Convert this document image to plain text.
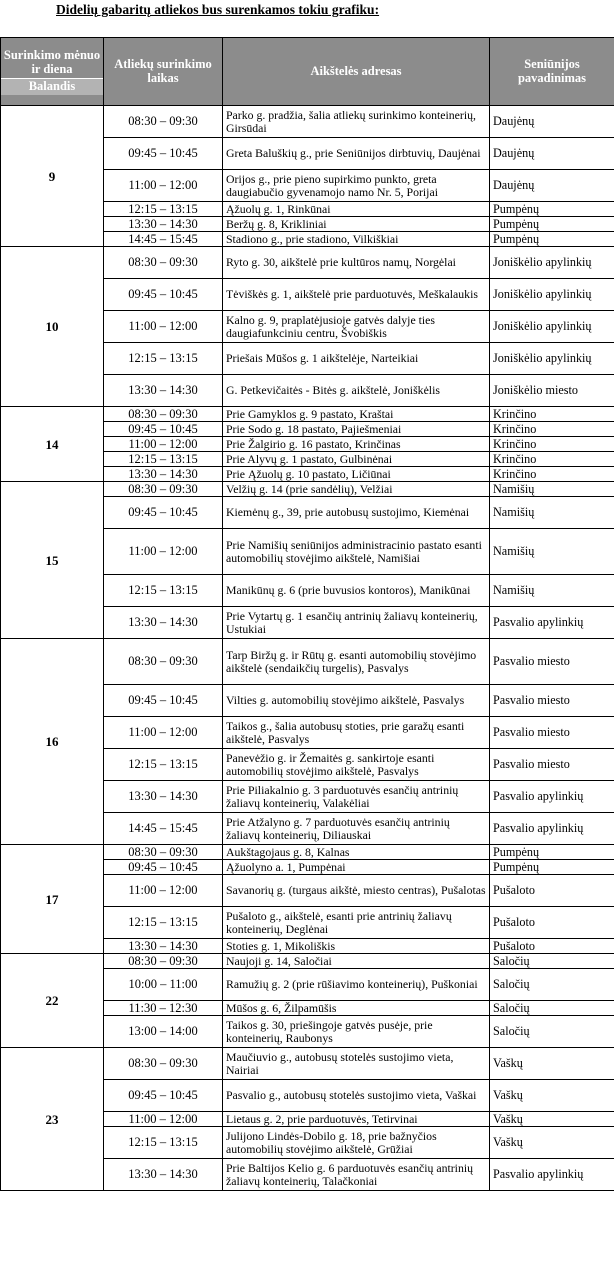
Didelių gabaritų atliekos bus surenkamos tokiu grafiku:
Surinkimo mėnuo ir diena
Balandis	Atliekų surinkimo laikas	Aikštelės adresas	Seniūnijos pavadinimas
9	08:30 – 09:30	Parko g. pradžia, šalia atliekų surinkimo konteinerių, Girsūdai	Daujėnų
	09:45 – 10:45	Greta Baluškių g., prie Seniūnijos dirbtuvių, Daujėnai	Daujėnų
	11:00 – 12:00	Orijos g., prie pieno supirkimo punkto, greta daugiabučio gyvenamojo namo Nr. 5, Porijai	Daujėnų
	12:15 – 13:15	Ąžuolų g. 1, Rinkūnai	Pumpėnų
	13:30 – 14:30	Beržų g. 8, Krikliniai	Pumpėnų
	14:45 – 15:45	Stadiono g., prie stadiono, Vilkiškiai	Pumpėnų
10	08:30 – 09:30	Ryto g. 30, aikštelė prie kultūros namų, Norgėlai	Joniškėlio apylinkių
	09:45 – 10:45	Tėviškės g. 1, aikštelė prie parduotuvės, Meškalaukis	Joniškėlio apylinkių
	11:00 – 12:00	Kalno g. 9, praplatėjusioje gatvės dalyje ties daugiafunkciniu centru, Švobiškis	Joniškėlio apylinkių
	12:15 – 13:15	Priešais Mūšos g. 1 aikštelėje, Narteikiai	Joniškėlio apylinkių
	13:30 – 14:30	G. Petkevičaitės - Bitės g. aikštelė, Joniškėlis	Joniškėlio miesto
14	08:30 – 09:30	Prie Gamyklos g. 9 pastato, Kraštai	Krinčino
	09:45 – 10:45	Prie Sodo g. 18 pastato, Pajiešmeniai	Krinčino
	11:00 – 12:00	Prie Žalgirio g. 16 pastato, Krinčinas	Krinčino
	12:15 – 13:15	Prie Alyvų g. 1 pastato, Gulbinėnai	Krinčino
	13:30 – 14:30	Prie Ąžuolų g. 10 pastato, Ličiūnai	Krinčino
15	08:30 – 09:30	Velžių g. 14 (prie sandėlių), Velžiai	Namišių
	09:45 – 10:45	Kiemėnų g., 39, prie autobusų sustojimo, Kiemėnai	Namišių
	11:00 – 12:00	Prie Namišių seniūnijos administracinio pastato esanti automobilių stovėjimo aikštelė, Namišiai	Namišių
	12:15 – 13:15	Manikūnų g. 6 (prie buvusios kontoros), Manikūnai	Namišių
	13:30 – 14:30	Prie Vytartų g. 1 esančių antrinių žaliavų konteinerių, Ustukiai	Pasvalio apylinkių
16	08:30 – 09:30	Tarp Biržų g. ir Rūtų g. esanti automobilių stovėjimo aikštelė (sendaikčių turgelis), Pasvalys	Pasvalio miesto
	09:45 – 10:45	Vilties g. automobilių stovėjimo aikštelė, Pasvalys	Pasvalio miesto
	11:00 – 12:00	Taikos g., šalia autobusų stoties, prie garažų esanti aikštelė, Pasvalys	Pasvalio miesto
	12:15 – 13:15	Panevėžio g. ir Žemaitės g. sankirtoje esanti automobilių stovėjimo aikštelė, Pasvalys	Pasvalio miesto
	13:30 – 14:30	Prie Piliakalnio g. 3 parduotuvės esančių antrinių žaliavų konteinerių, Valakėliai	Pasvalio apylinkių
	14:45 – 15:45	Prie Atžalyno g. 7 parduotuvės esančių antrinių žaliavų konteinerių, Diliauskai	Pasvalio apylinkių
17	08:30 – 09:30	Aukštagojaus g. 8, Kalnas	Pumpėnų
	09:45 – 10:45	Ąžuolyno a. 1, Pumpėnai	Pumpėnų
	11:00 – 12:00	Savanorių g. (turgaus aikštė, miesto centras), Pušalotas	Pušaloto
	12:15 – 13:15	Pušaloto g., aikštelė, esanti prie antrinių žaliavų konteinerių, Deglėnai	Pušaloto
	13:30 – 14:30	Stoties g. 1, Mikoliškis	Pušaloto
22	08:30 – 09:30	Naujoji g. 14, Saločiai	Saločių
	10:00 – 11:00	Ramužių g. 2 (prie rūšiavimo konteinerių), Puškoniai	Saločių
	11:30 – 12:30	Mūšos g. 6, Žilpamūšis	Saločių
	13:00 – 14:00	Taikos g. 30, priešingoje gatvės pusėje, prie konteinerių, Raubonys	Saločių
23	08:30 – 09:30	Maučiuvio g., autobusų stotelės sustojimo vieta, Nairiai	Vaškų
	09:45 – 10:45	Pasvalio g., autobusų stotelės sustojimo vieta, Vaškai	Vaškų
	11:00 – 12:00	Lietaus g. 2, prie parduotuvės, Tetirvinai	Vaškų
	12:15 – 13:15	Julijono Lindės-Dobilo g. 18, prie bažnyčios automobilių stovėjimo aikštelė, Grūžiai	Vaškų
	13:30 – 14:30	Prie Baltijos Kelio g. 6 parduotuvės esančių antrinių žaliavų konteinerių, Talačkoniai	Pasvalio apylinkių
